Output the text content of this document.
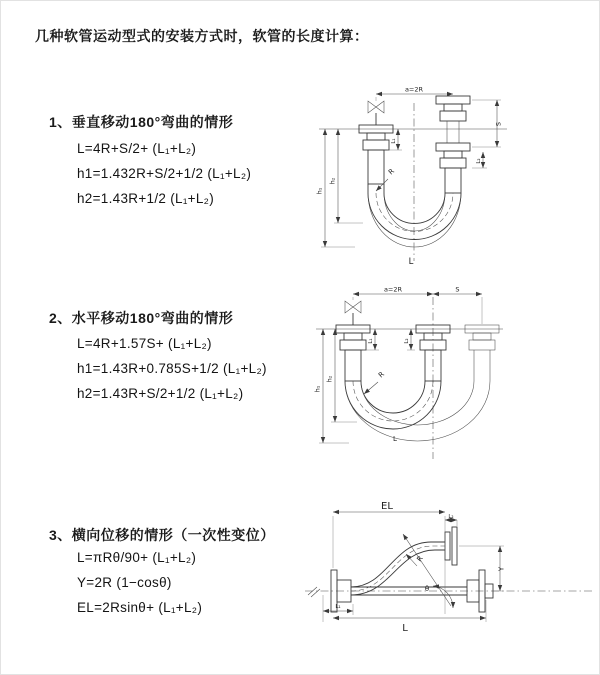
几种软管运动型式的安装方式时，软管的长度计算：
1、垂直移动180°弯曲的情形
L=4R+S/2+ (L₁+L₂)
h1=1.432R+S/2+1/2 (L₁+L₂)
h2=1.43R+1/2 (L₁+L₂)
2、水平移动180°弯曲的情形
L=4R+1.57S+ (L₁+L₂)
h1=1.43R+0.785S+1/2 (L₁+L₂)
h2=1.43R+S/2+1/2 (L₁+L₂)
3、横向位移的情形（一次性变位）
L=πRθ/90+ (L₁+L₂)
Y=2R (1−cosθ)
EL=2Rsinθ+ (L₁+L₂)
a=2R
h₁
h₂
L₁
S
L₂
R
L
a=2R	S
h₁
h₂
L₁	L₂
R
L
EL
L₂
Y
θ
R
L₁
L
